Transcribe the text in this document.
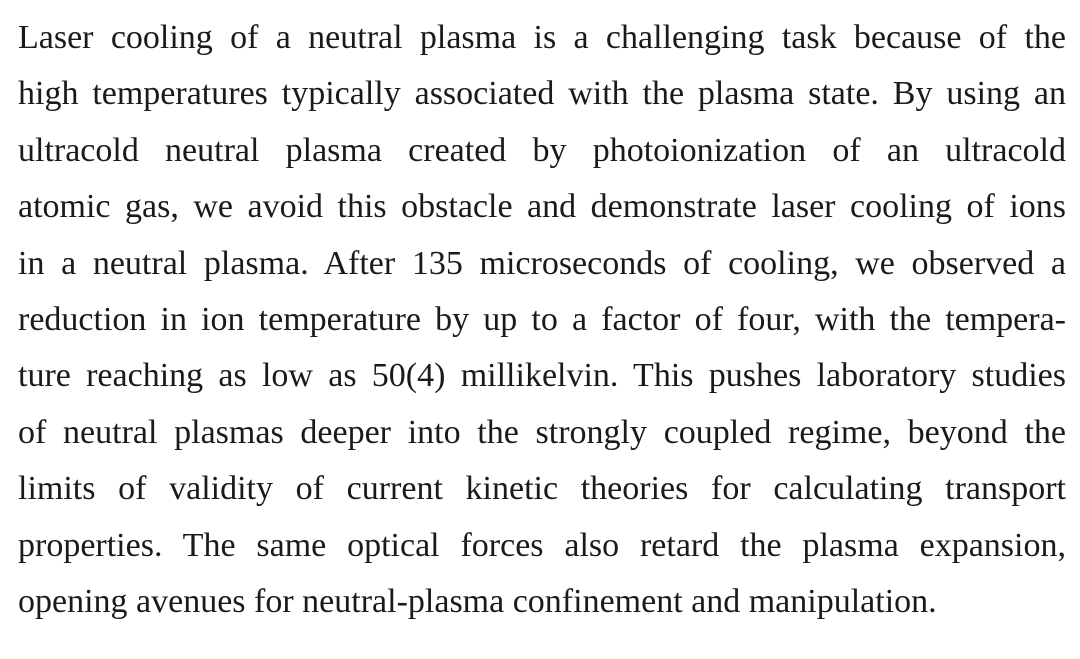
Laser cooling of a neutral plasma is a challenging task because of the
high temperatures typically associated with the plasma state. By using an
ultracold neutral plasma created by photoionization of an ultracold
atomic gas, we avoid this obstacle and demonstrate laser cooling of ions
in a neutral plasma. After 135 microseconds of cooling, we observed a
reduction in ion temperature by up to a factor of four, with the tempera-
ture reaching as low as 50(4) millikelvin. This pushes laboratory studies
of neutral plasmas deeper into the strongly coupled regime, beyond the
limits of validity of current kinetic theories for calculating transport
properties. The same optical forces also retard the plasma expansion,
opening avenues for neutral-plasma confinement and manipulation.
